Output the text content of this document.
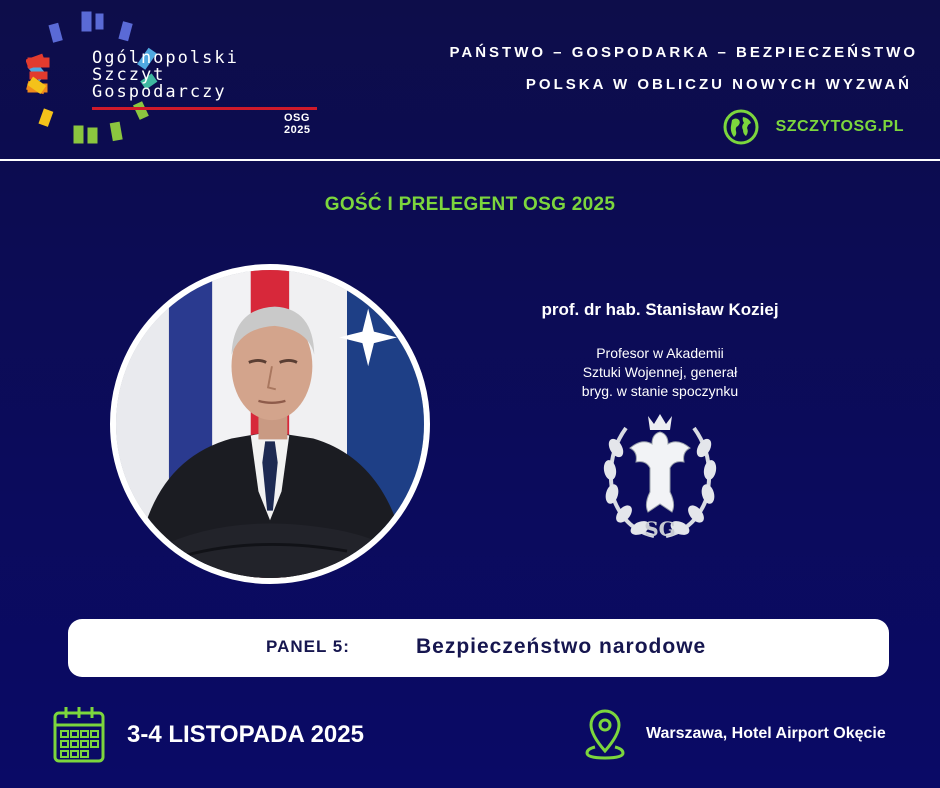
Ogólnopolski
Szczyt
Gospodarczy
OSG 2025
PAŃSTWO – GOSPODARKA – BEZPIECZEŃSTWO
POLSKA W OBLICZU NOWYCH WYZWAŃ
SZCZYTOSG.PL
GOŚĆ I PRELEGENT OSG 2025
prof. dr hab. Stanisław Koziej
Profesor w Akademii
Sztuki Wojennej, generał
bryg. w stanie spoczynku
SG
PANEL 5:	Bezpieczeństwo narodowe
3-4 LISTOPADA 2025	Warszawa, Hotel Airport Okęcie
